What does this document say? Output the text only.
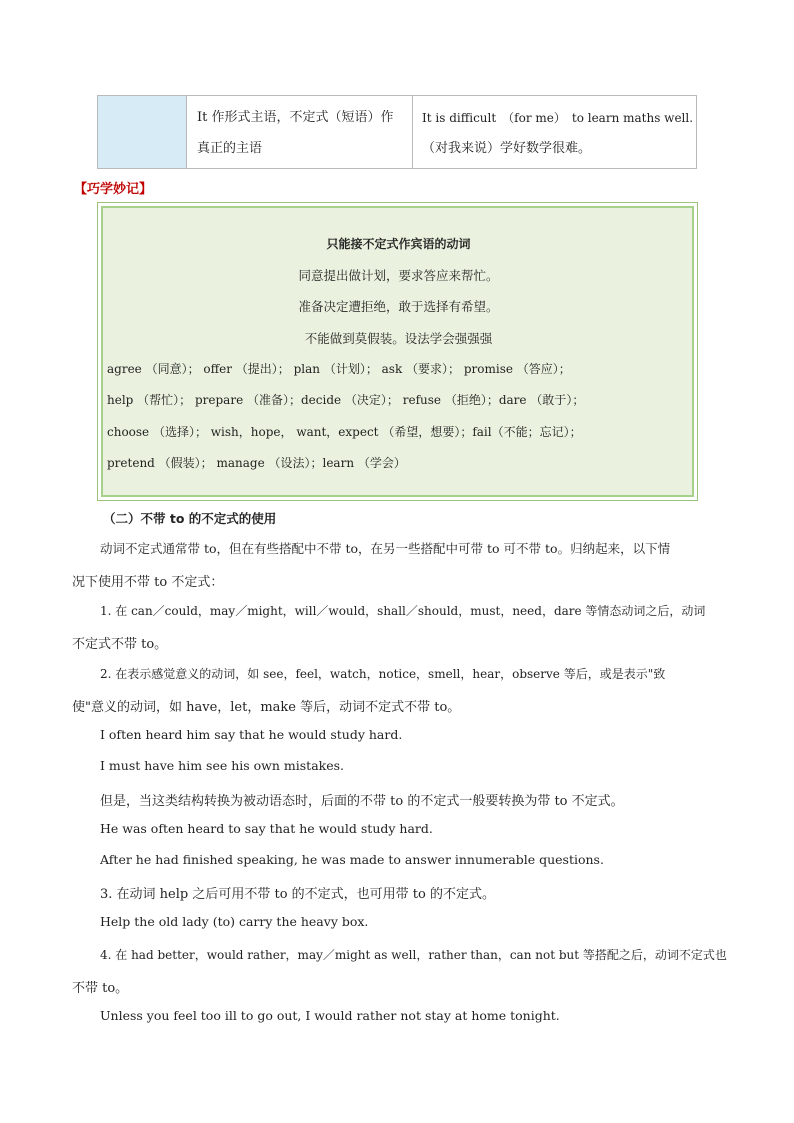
It 作形式主语，不定式（短语）作
真正的主语
It is difficult　（for me）　to learn maths well.
（对我来说）学好数学很难。
【巧学妙记】
只能接不定式作宾语的动词
同意提出做计划，要求答应来帮忙。
准备决定遭拒绝，敢于选择有希望。
不能做到莫假装。设法学会强强强
agree （同意）； offer （提出）； plan （计划）； ask （要求）； promise （答应）；
help （帮忙）； prepare （准备）；decide （决定）； refuse （拒绝）；dare （敢于）；
choose （选择）； wish，hope， want，expect （希望，想要）；fail（不能；忘记）；
pretend （假装）； manage （设法）；learn （学会）
（二）不带 to 的不定式的使用
动词不定式通常带 to，但在有些搭配中不带 to，在另一些搭配中可带 to 可不带 to。归纳起来，以下情
况下使用不带 to 不定式：
1. 在 can／could，may／might，will／would，shall／should，must，need，dare 等情态动词之后，动词
不定式不带 to。
2. 在表示感觉意义的动词，如 see，feel，watch，notice，smell，hear，observe 等后，或是表示"致
使"意义的动词，如 have，let，make 等后，动词不定式不带 to。
I often heard him say that he would study hard.
I must have him see his own mistakes.
但是，当这类结构转换为被动语态时，后面的不带 to 的不定式一般要转换为带 to 不定式。
He was often heard to say that he would study hard.
After he had finished speaking, he was made to answer innumerable questions.
3. 在动词 help 之后可用不带 to 的不定式，也可用带 to 的不定式。
Help the old lady (to) carry the heavy box.
4. 在 had better，would rather，may／might as well，rather than，can not but 等搭配之后，动词不定式也
不带 to。
Unless you feel too ill to go out, I would rather not stay at home tonight.
